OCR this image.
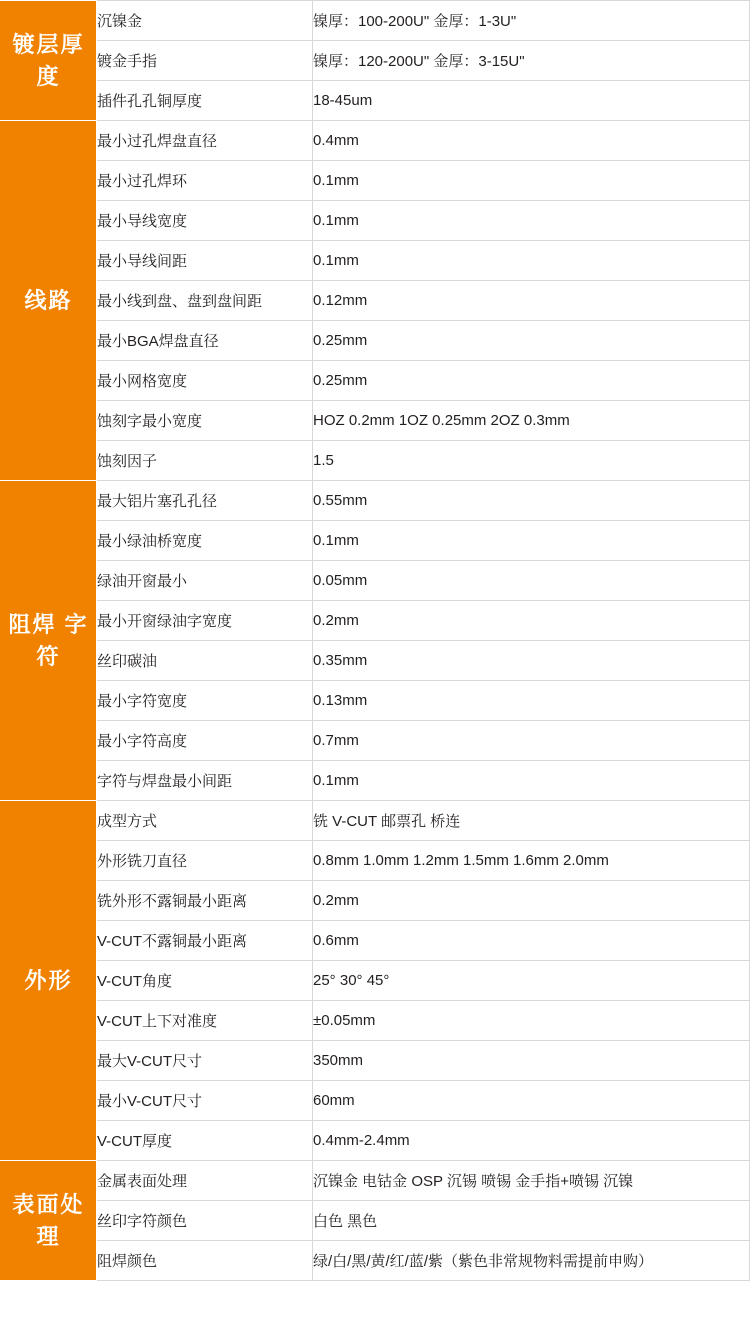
镀层厚度	沉镍金	镍厚：100-200U" 金厚：1-3U"
	镀金手指	镍厚：120-200U" 金厚：3-15U"
	插件孔孔铜厚度	18-45um
线路	最小过孔焊盘直径	0.4mm
	最小过孔焊环	0.1mm
	最小导线宽度	0.1mm
	最小导线间距	0.1mm
	最小线到盘、盘到盘间距	0.12mm
	最小BGA焊盘直径	0.25mm
	最小网格宽度	0.25mm
	蚀刻字最小宽度	HOZ 0.2mm 1OZ 0.25mm 2OZ 0.3mm
	蚀刻因子	1.5
阻焊 字符	最大铝片塞孔孔径	0.55mm
	最小绿油桥宽度	0.1mm
	绿油开窗最小	0.05mm
	最小开窗绿油字宽度	0.2mm
	丝印碳油	0.35mm
	最小字符宽度	0.13mm
	最小字符高度	0.7mm
	字符与焊盘最小间距	0.1mm
外形	成型方式	铣 V-CUT 邮票孔 桥连
	外形铣刀直径	0.8mm 1.0mm 1.2mm 1.5mm 1.6mm 2.0mm
	铣外形不露铜最小距离	0.2mm
	V-CUT不露铜最小距离	0.6mm
	V-CUT角度	25° 30° 45°
	V-CUT上下对准度	±0.05mm
	最大V-CUT尺寸	350mm
	最小V-CUT尺寸	60mm
	V-CUT厚度	0.4mm-2.4mm
表面处理	金属表面处理	沉镍金 电钴金 OSP 沉锡 喷锡 金手指+喷锡 沉镍
	丝印字符颜色	白色 黑色
	阻焊颜色	绿/白/黑/黄/红/蓝/紫（紫色非常规物料需提前申购）
